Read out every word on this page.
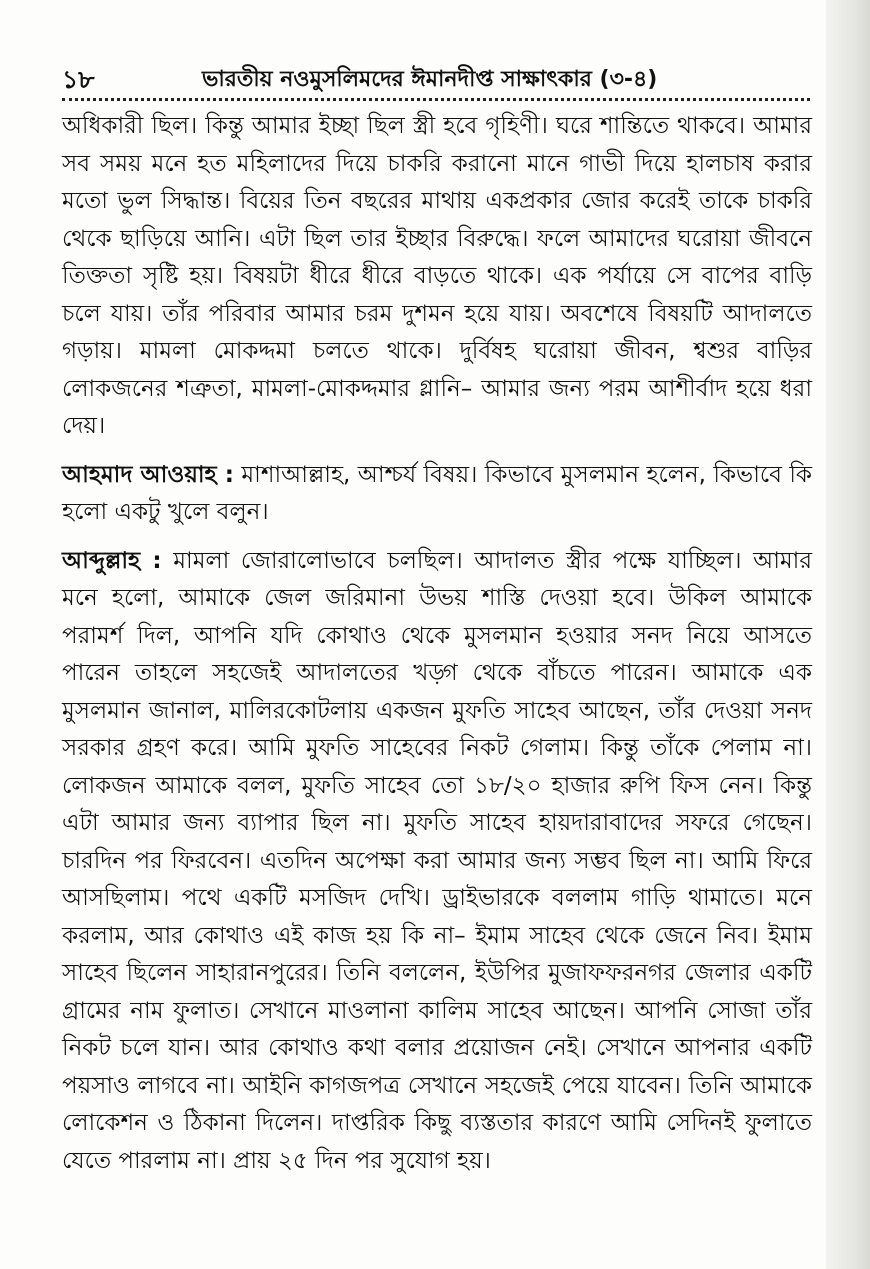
১৮	ভারতীয় নওমুসলিমদের ঈমানদীপ্ত সাক্ষাৎকার (৩-৪)

অধিকারী ছিল। কিন্তু আমার ইচ্ছা ছিল স্ত্রী হবে গৃহিণী। ঘরে শান্তিতে থাকবে। আমার সব সময় মনে হত মহিলাদের দিয়ে চাকরি করানো মানে গাভী দিয়ে হালচাষ করার মতো ভুল সিদ্ধান্ত। বিয়ের তিন বছরের মাথায় একপ্রকার জোর করেই তাকে চাকরি থেকে ছাড়িয়ে আনি। এটা ছিল তার ইচ্ছার বিরুদ্ধে। ফলে আমাদের ঘরোয়া জীবনে তিক্ততা সৃষ্টি হয়। বিষয়টা ধীরে ধীরে বাড়তে থাকে। এক পর্যায়ে সে বাপের বাড়ি চলে যায়। তাঁর পরিবার আমার চরম দুশমন হয়ে যায়। অবশেষে বিষয়টি আদালতে গড়ায়। মামলা মোকদ্দমা চলতে থাকে। দুর্বিষহ ঘরোয়া জীবন, শ্বশুর বাড়ির লোকজনের শত্রুতা, মামলা-মোকদ্দমার গ্লানি– আমার জন্য পরম আশীর্বাদ হয়ে ধরা দেয়।

আহমাদ আওয়াহ : মাশাআল্লাহ, আশ্চর্য বিষয়। কিভাবে মুসলমান হলেন, কিভাবে কি হলো একটু খুলে বলুন।

আব্দুল্লাহ : মামলা জোরালোভাবে চলছিল। আদালত স্ত্রীর পক্ষে যাচ্ছিল। আমার মনে হলো, আমাকে জেল জরিমানা উভয় শাস্তি দেওয়া হবে। উকিল আমাকে পরামর্শ দিল, আপনি যদি কোথাও থেকে মুসলমান হওয়ার সনদ নিয়ে আসতে পারেন তাহলে সহজেই আদালতের খড়্গ থেকে বাঁচতে পারেন। আমাকে এক মুসলমান জানাল, মালিরকোটলায় একজন মুফতি সাহেব আছেন, তাঁর দেওয়া সনদ সরকার গ্রহণ করে। আমি মুফতি সাহেবের নিকট গেলাম। কিন্তু তাঁকে পেলাম না। লোকজন আমাকে বলল, মুফতি সাহেব তো ১৮/২০ হাজার রুপি ফিস নেন। কিন্তু এটা আমার জন্য ব্যাপার ছিল না। মুফতি সাহেব হায়দারাবাদের সফরে গেছেন। চারদিন পর ফিরবেন। এতদিন অপেক্ষা করা আমার জন্য সম্ভব ছিল না। আমি ফিরে আসছিলাম। পথে একটি মসজিদ দেখি। ড্রাইভারকে বললাম গাড়ি থামাতে। মনে করলাম, আর কোথাও এই কাজ হয় কি না– ইমাম সাহেব থেকে জেনে নিব। ইমাম সাহেব ছিলেন সাহারানপুরের। তিনি বললেন, ইউপির মুজাফফরনগর জেলার একটি গ্রামের নাম ফুলাত। সেখানে মাওলানা কালিম সাহেব আছেন। আপনি সোজা তাঁর নিকট চলে যান। আর কোথাও কথা বলার প্রয়োজন নেই। সেখানে আপনার একটি পয়সাও লাগবে না। আইনি কাগজপত্র সেখানে সহজেই পেয়ে যাবেন। তিনি আমাকে লোকেশন ও ঠিকানা দিলেন। দাপ্তরিক কিছু ব্যস্ততার কারণে আমি সেদিনই ফুলাতে যেতে পারলাম না। প্রায় ২৫ দিন পর সুযোগ হয়।
